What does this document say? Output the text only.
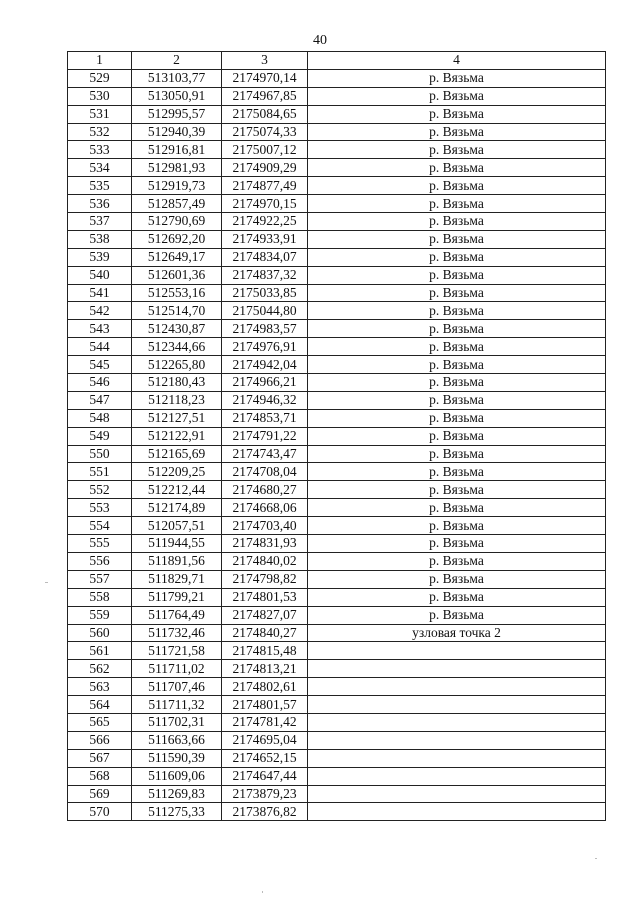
40
1	2	3	4
529	513103,77	2174970,14	р. Вязьма
530	513050,91	2174967,85	р. Вязьма
531	512995,57	2175084,65	р. Вязьма
532	512940,39	2175074,33	р. Вязьма
533	512916,81	2175007,12	р. Вязьма
534	512981,93	2174909,29	р. Вязьма
535	512919,73	2174877,49	р. Вязьма
536	512857,49	2174970,15	р. Вязьма
537	512790,69	2174922,25	р. Вязьма
538	512692,20	2174933,91	р. Вязьма
539	512649,17	2174834,07	р. Вязьма
540	512601,36	2174837,32	р. Вязьма
541	512553,16	2175033,85	р. Вязьма
542	512514,70	2175044,80	р. Вязьма
543	512430,87	2174983,57	р. Вязьма
544	512344,66	2174976,91	р. Вязьма
545	512265,80	2174942,04	р. Вязьма
546	512180,43	2174966,21	р. Вязьма
547	512118,23	2174946,32	р. Вязьма
548	512127,51	2174853,71	р. Вязьма
549	512122,91	2174791,22	р. Вязьма
550	512165,69	2174743,47	р. Вязьма
551	512209,25	2174708,04	р. Вязьма
552	512212,44	2174680,27	р. Вязьма
553	512174,89	2174668,06	р. Вязьма
554	512057,51	2174703,40	р. Вязьма
555	511944,55	2174831,93	р. Вязьма
556	511891,56	2174840,02	р. Вязьма
557	511829,71	2174798,82	р. Вязьма
558	511799,21	2174801,53	р. Вязьма
559	511764,49	2174827,07	р. Вязьма
560	511732,46	2174840,27	узловая точка 2
561	511721,58	2174815,48	
562	511711,02	2174813,21	
563	511707,46	2174802,61	
564	511711,32	2174801,57	
565	511702,31	2174781,42	
566	511663,66	2174695,04	
567	511590,39	2174652,15	
568	511609,06	2174647,44	
569	511269,83	2173879,23	
570	511275,33	2173876,82	
